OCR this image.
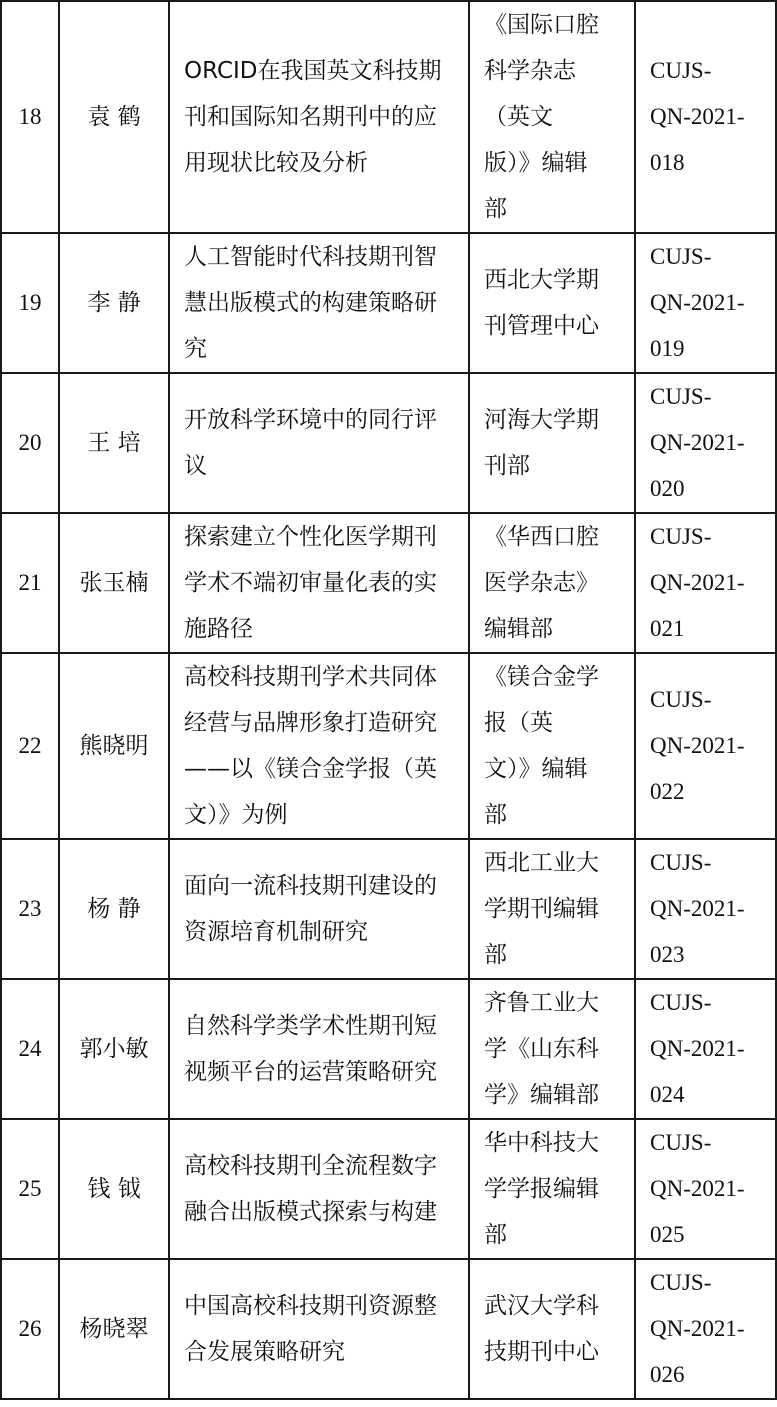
18	袁 鹤	ORCID在我国英文科技期
刊和国际知名期刊中的应
用现状比较及分析	《国际口腔
科学杂志
（英文
版）》编辑
部	CUJS-
QN-2021-
018

19	李 静	人工智能时代科技期刊智
慧出版模式的构建策略研
究	西北大学期
刊管理中心	CUJS-
QN-2021-
019

20	王 培	开放科学环境中的同行评
议	河海大学期
刊部	CUJS-
QN-2021-
020

21	张玉楠	探索建立个性化医学期刊
学术不端初审量化表的实
施路径	《华西口腔
医学杂志》
编辑部	CUJS-
QN-2021-
021

22	熊晓明	高校科技期刊学术共同体
经营与品牌形象打造研究
——以《镁合金学报（英
文）》为例	《镁合金学
报（英
文）》编辑
部	CUJS-
QN-2021-
022

23	杨 静	面向一流科技期刊建设的
资源培育机制研究	西北工业大
学期刊编辑
部	CUJS-
QN-2021-
023

24	郭小敏	自然科学类学术性期刊短
视频平台的运营策略研究	齐鲁工业大
学《山东科
学》编辑部	CUJS-
QN-2021-
024

25	钱 钺	高校科技期刊全流程数字
融合出版模式探索与构建	华中科技大
学学报编辑
部	CUJS-
QN-2021-
025

26	杨晓翠	中国高校科技期刊资源整
合发展策略研究	武汉大学科
技期刊中心	CUJS-
QN-2021-
026
